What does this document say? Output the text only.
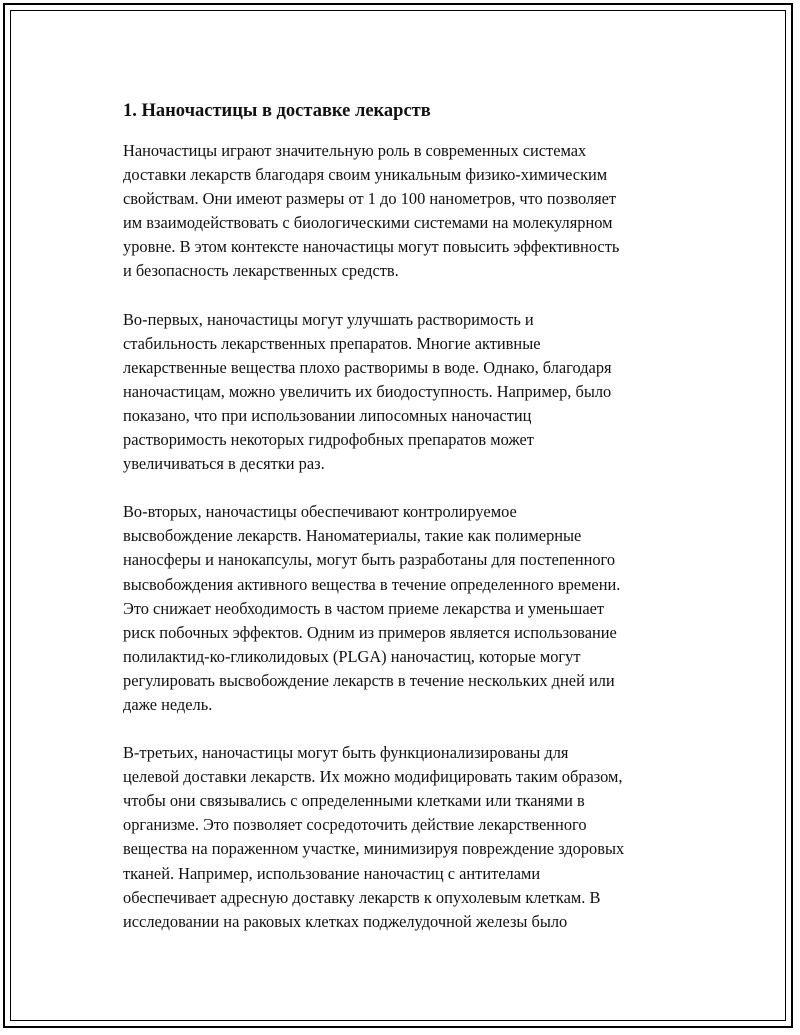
1. Наночастицы в доставке лекарств

Наночастицы играют значительную роль в современных системах
доставки лекарств благодаря своим уникальным физико-химическим
свойствам. Они имеют размеры от 1 до 100 нанометров, что позволяет
им взаимодействовать с биологическими системами на молекулярном
уровне. В этом контексте наночастицы могут повысить эффективность
и безопасность лекарственных средств.

Во-первых, наночастицы могут улучшать растворимость и
стабильность лекарственных препаратов. Многие активные
лекарственные вещества плохо растворимы в воде. Однако, благодаря
наночастицам, можно увеличить их биодоступность. Например, было
показано, что при использовании липосомных наночастиц
растворимость некоторых гидрофобных препаратов может
увеличиваться в десятки раз.

Во-вторых, наночастицы обеспечивают контролируемое
высвобождение лекарств. Наноматериалы, такие как полимерные
наносферы и нанокапсулы, могут быть разработаны для постепенного
высвобождения активного вещества в течение определенного времени.
Это снижает необходимость в частом приеме лекарства и уменьшает
риск побочных эффектов. Одним из примеров является использование
полилактид-ко-гликолидовых (PLGA) наночастиц, которые могут
регулировать высвобождение лекарств в течение нескольких дней или
даже недель.

В-третьих, наночастицы могут быть функционализированы для
целевой доставки лекарств. Их можно модифицировать таким образом,
чтобы они связывались с определенными клетками или тканями в
организме. Это позволяет сосредоточить действие лекарственного
вещества на пораженном участке, минимизируя повреждение здоровых
тканей. Например, использование наночастиц с антителами
обеспечивает адресную доставку лекарств к опухолевым клеткам. В
исследовании на раковых клетках поджелудочной железы было
